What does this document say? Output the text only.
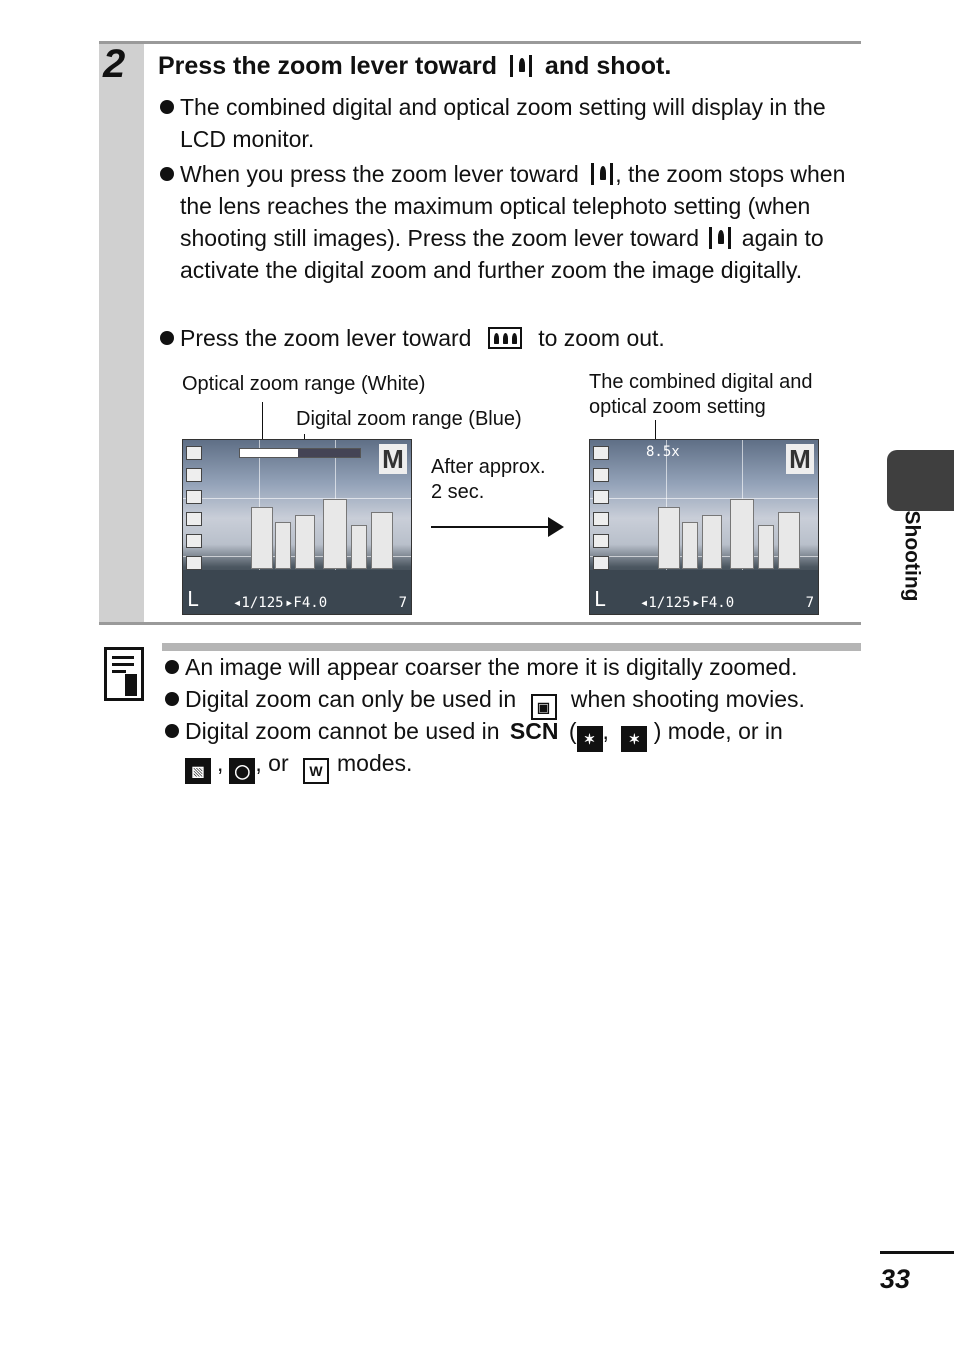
2	Press the zoom lever toward and shoot.
The combined digital and optical zoom setting will display in the LCD monitor.
When you press the zoom lever toward , the zoom stops when the lens reaches the maximum optical telephoto setting (when shooting still images). Press the zoom lever toward again to activate the digital zoom and further zoom the image digitally.
Press the zoom lever toward	to zoom out.
Optical zoom range (White)
Digital zoom range (Blue)
The combined digital and
optical zoom setting
M
L ◂1/125 ▸F4.0	7
After approx.
2 sec.
8.5x	M
L ◂1/125 ▸F4.0	7
An image will appear coarser the more it is digitally zoomed.
Digital zoom can only be used in ▣ when shooting movies.
Digital zoom cannot be used in SCN ( ✶ , ✶ ) mode, or in
▧ , ◯ , or W modes.
Shooting
33
